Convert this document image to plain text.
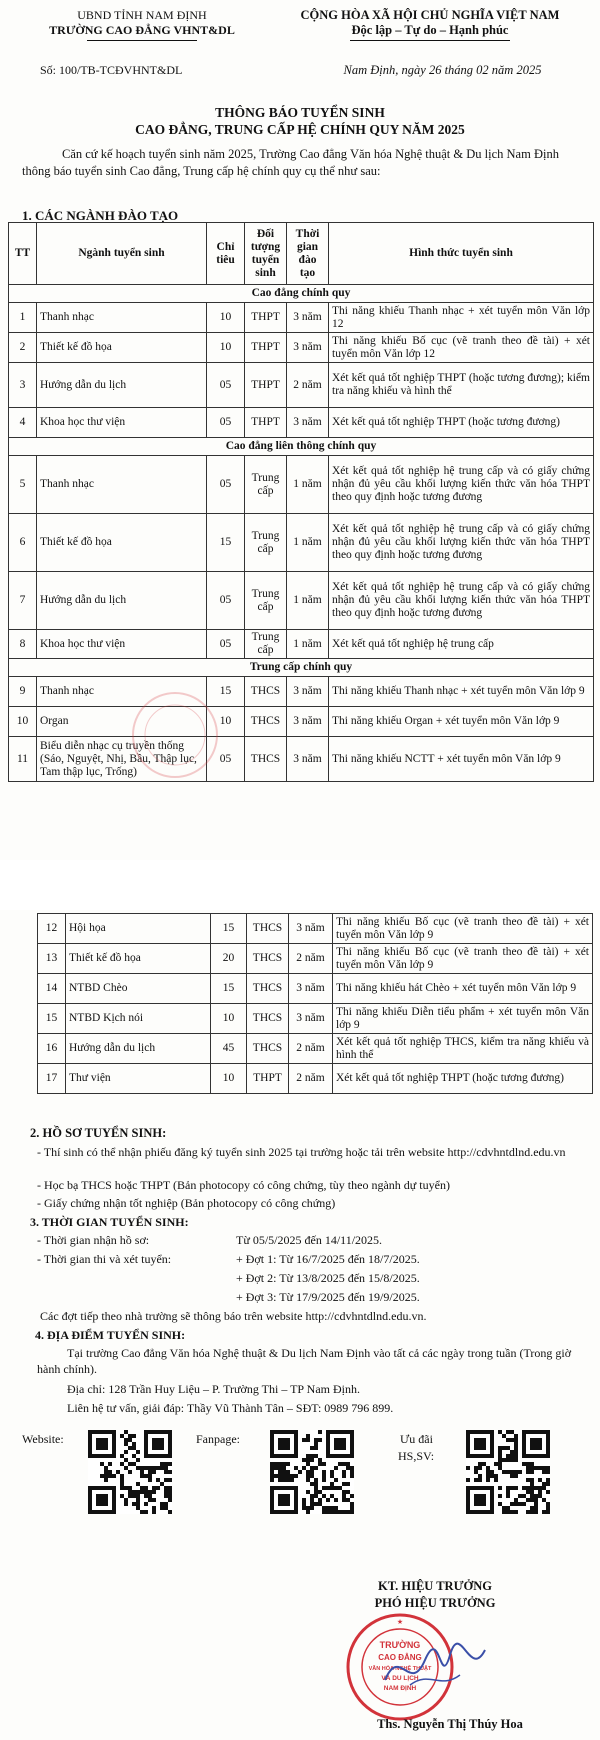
UBND TỈNH NAM ĐỊNH
TRƯỜNG CAO ĐẲNG VHNT&DL
CỘNG HÒA XÃ HỘI CHỦ NGHĨA VIỆT NAM
Độc lập – Tự do – Hạnh phúc
Số: 100/TB-TCĐVHNT&DL	Nam Định, ngày 26 tháng 02 năm 2025
THÔNG BÁO TUYỂN SINH
CAO ĐẲNG, TRUNG CẤP HỆ CHÍNH QUY NĂM 2025
Căn cứ kế hoạch tuyển sinh năm 2025, Trường Cao đẳng Văn hóa Nghệ thuật & Du lịch Nam Định thông báo tuyển sinh Cao đẳng, Trung cấp hệ chính quy cụ thể như sau:
1. CÁC NGÀNH ĐÀO TẠO
TT	Ngành tuyển sinh	Chỉ tiêu	Đối tượng tuyển sinh	Thời gian đào tạo	Hình thức tuyển sinh
Cao đẳng chính quy					
1	Thanh nhạc	10	THPT	3 năm	Thi năng khiếu Thanh nhạc + xét tuyển môn Văn lớp 12
2	Thiết kế đồ họa	10	THPT	3 năm	Thi năng khiếu Bố cục (vẽ tranh theo đề tài) + xét tuyển môn Văn lớp 12
3	Hướng dẫn du lịch	05	THPT	2 năm	Xét kết quả tốt nghiệp THPT (hoặc tương đương); kiểm tra năng khiếu và hình thể
4	Khoa học thư viện	05	THPT	3 năm	Xét kết quả tốt nghiệp THPT (hoặc tương đương)
Cao đẳng liên thông chính quy					
5	Thanh nhạc	05	Trung cấp	1 năm	Xét kết quả tốt nghiệp hệ trung cấp và có giấy chứng nhận đủ yêu cầu khối lượng kiến thức văn hóa THPT theo quy định hoặc tương đương
6	Thiết kế đồ họa	15	Trung cấp	1 năm	Xét kết quả tốt nghiệp hệ trung cấp và có giấy chứng nhận đủ yêu cầu khối lượng kiến thức văn hóa THPT theo quy định hoặc tương đương
7	Hướng dẫn du lịch	05	Trung cấp	1 năm	Xét kết quả tốt nghiệp hệ trung cấp và có giấy chứng nhận đủ yêu cầu khối lượng kiến thức văn hóa THPT theo quy định hoặc tương đương
8	Khoa học thư viện	05	Trung cấp	1 năm	Xét kết quả tốt nghiệp hệ trung cấp
Trung cấp chính quy					
9	Thanh nhạc	15	THCS	3 năm	Thi năng khiếu Thanh nhạc + xét tuyển môn Văn lớp 9
10	Organ	10	THCS	3 năm	Thi năng khiếu Organ + xét tuyển môn Văn lớp 9
11	Biểu diễn nhạc cụ truyền thống (Sáo, Nguyệt, Nhị, Bầu, Thập lục, Tam thập lục, Trống)	05	THCS	3 năm	Thi năng khiếu NCTT + xét tuyển môn Văn lớp 9
12	Hội họa	15	THCS	3 năm	Thi năng khiếu Bố cục (vẽ tranh theo đề tài) + xét tuyển môn Văn lớp 9
13	Thiết kế đồ họa	20	THCS	2 năm	Thi năng khiếu Bố cục (vẽ tranh theo đề tài) + xét tuyển môn Văn lớp 9
14	NTBD Chèo	15	THCS	3 năm	Thi năng khiếu hát Chèo + xét tuyển môn Văn lớp 9
15	NTBD Kịch nói	10	THCS	3 năm	Thi năng khiếu Diễn tiểu phẩm + xét tuyển môn Văn lớp 9
16	Hướng dẫn du lịch	45	THCS	2 năm	Xét kết quả tốt nghiệp THCS, kiểm tra năng khiếu và hình thể
17	Thư viện	10	THPT	2 năm	Xét kết quả tốt nghiệp THPT (hoặc tương đương)
2. HỒ SƠ TUYỂN SINH:
- Thí sinh có thể nhận phiếu đăng ký tuyển sinh 2025 tại trường hoặc tải trên website http://cdvhntdlnd.edu.vn
- Học bạ THCS hoặc THPT (Bản photocopy có công chứng, tùy theo ngành dự tuyển)
- Giấy chứng nhận tốt nghiệp (Bản photocopy có công chứng)
3. THỜI GIAN TUYỂN SINH:
- Thời gian nhận hồ sơ:	Từ 05/5/2025 đến 14/11/2025.
- Thời gian thi và xét tuyển:	+ Đợt 1: Từ 16/7/2025 đến 18/7/2025.
+ Đợt 2: Từ 13/8/2025 đến 15/8/2025.
+ Đợt 3: Từ 17/9/2025 đến 19/9/2025.
Các đợt tiếp theo nhà trường sẽ thông báo trên website http://cdvhntdlnd.edu.vn.
4. ĐỊA ĐIỂM TUYỂN SINH:
Tại trường Cao đẳng Văn hóa Nghệ thuật & Du lịch Nam Định vào tất cả các ngày trong tuần (Trong giờ hành chính).
Địa chỉ: 128 Trần Huy Liệu – P. Trường Thi – TP Nam Định.
Liên hệ tư vấn, giải đáp: Thầy Vũ Thành Tân – SĐT: 0989 796 899.
Website:	Fanpage:	Ưu đãi
HS,SV:
KT. HIỆU TRƯỞNG
PHÓ HIỆU TRƯỞNG
TRƯỜNG
CAO ĐẲNG
VĂN HÓA NGHỆ THUẬT
VÀ DU LỊCH
NAM ĐỊNH
★
Ths. Nguyễn Thị Thúy Hoa
